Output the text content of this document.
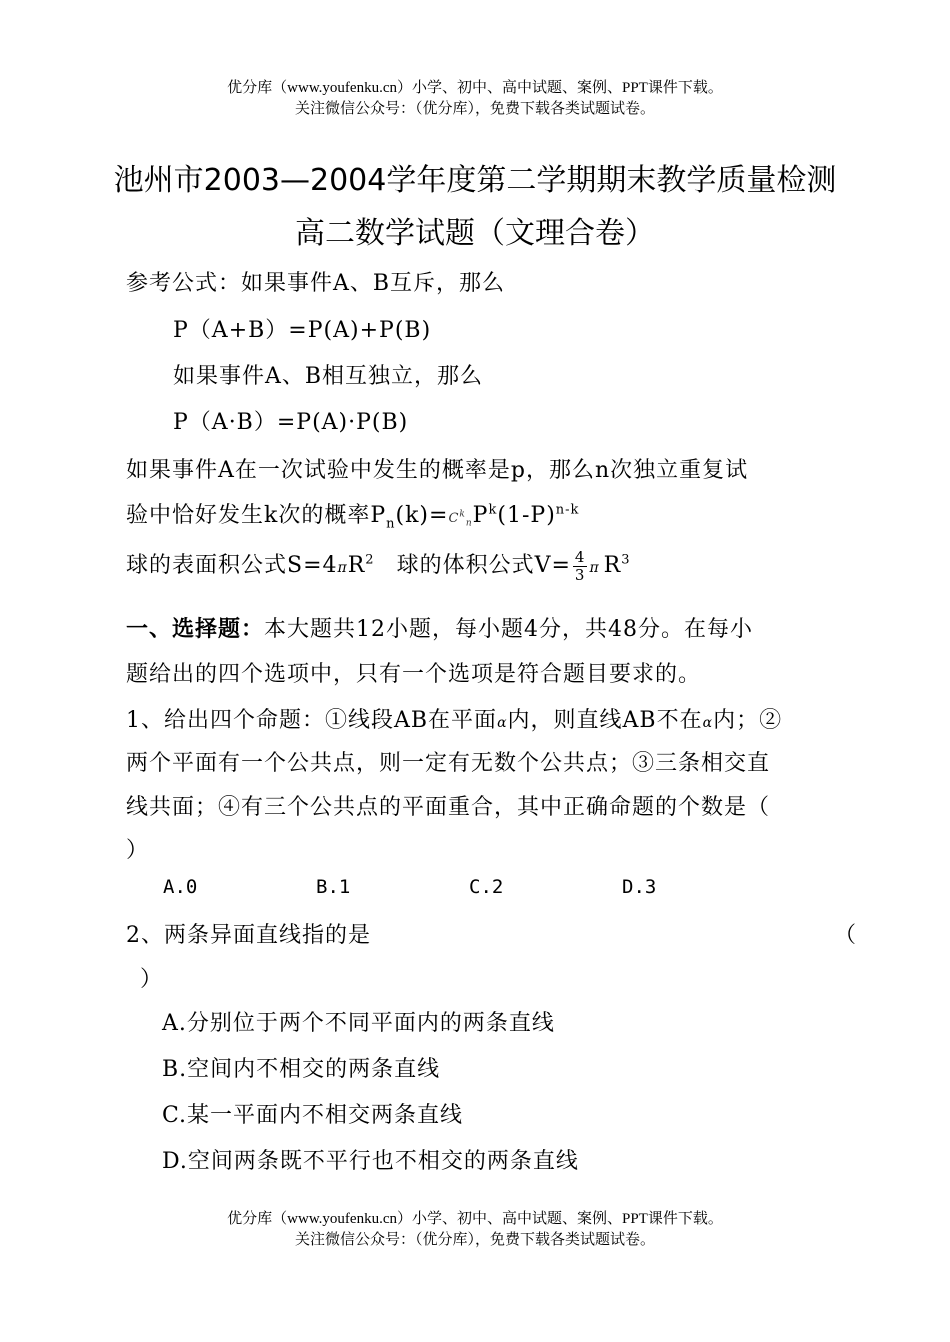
优分库（www.youfenku.cn）小学、初中、高中试题、案例、PPT课件下载。
关注微信公众号：（优分库），免费下载各类试题试卷。
池州市2003—2004学年度第二学期期末教学质量检测
高二数学试题（文理合卷）
参考公式：如果事件A、B互斥，那么
P（A+B）=P(A)+P(B)
如果事件A、B相互独立，那么
P（A·B）=P(A)·P(B)
如果事件A在一次试验中发生的概率是p，那么n次独立重复试
验中恰好发生k次的概率$P_n(k)=C^k_nP^k(1-P)^{n-k}$
球的表面积公式$S=4\pi R^2$ 球的体积公式$V= \frac{4}{3}$ π $R^3$
一、选择题：本大题共12小题，每小题4分，共48分。在每小
题给出的四个选项中，只有一个选项是符合题目要求的。
1、给出四个命题：①线段AB在平面α内，则直线AB不在α内；②
两个平面有一个公共点，则一定有无数个公共点；③三条相交直
线共面；④有三个公共点的平面重合，其中正确命题的个数是（
）
A.0	B.1	C.2	D.3
2、两条异面直线指的是	（
）
A.分别位于两个不同平面内的两条直线
B.空间内不相交的两条直线
C.某一平面内不相交两条直线
D.空间两条既不平行也不相交的两条直线
优分库（www.youfenku.cn）小学、初中、高中试题、案例、PPT课件下载。
关注微信公众号：（优分库），免费下载各类试题试卷。
